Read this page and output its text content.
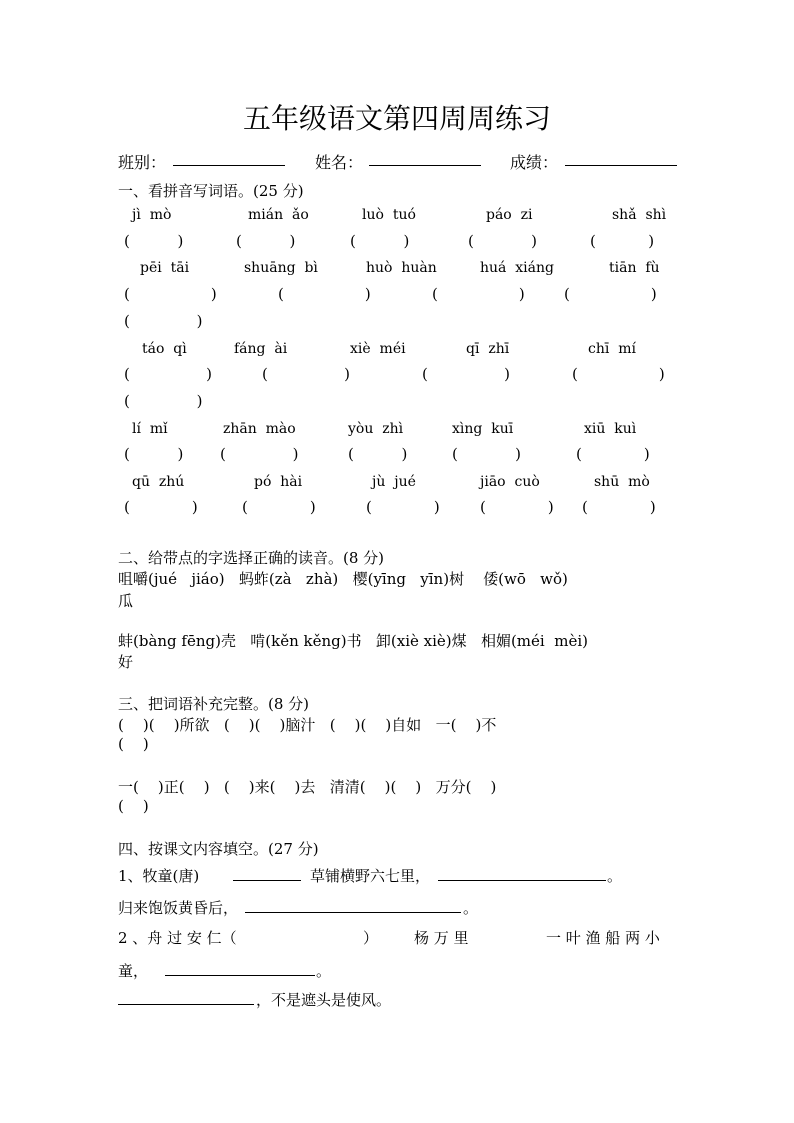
五年级语文第四周周练习
班别：	姓名：	成绩：
一、看拼音写词语。(25 分)
jì  mò	mián  ǎo	luò  tuó	páo  zi	shǎ  shì
(          )	(          )	(          )	(            )	(           )
pēi  tāi	shuāng  bì	huò  huàn	huá  xiáng	tiān  fù
(                 )	(                 )	(                 )	(                 )
(              )
táo  qì	fáng  ài	xiè  méi	qī  zhī	chī  mí
(                )	(                )	(                )	(                 )
(              )
lí  mǐ	zhān  mào	yòu  zhì	xìng  kuī	xiū  kuì
(          ) (              )	(          )	(            )	(             )
qū  zhú	pó  hài	jù  jué	jiāo  cuò	shū  mò
(             )	(             )	(             )	(             ) (             )
二、给带点的字选择正确的读音。(8 分)
咀嚼(jué   jiáo)   蚂蚱(zà   zhà)   樱(yīng   yīn)树    倭(wō   wǒ)
瓜
蚌(bàng fēng)壳   啃(kěn kěng)书   卸(xiè xiè)煤   相媚(méi  mèi)
好
三、把词语补充完整。(8 分)
(    )(    )所欲   (    )(    )脑汁   (    )(    )自如   一(    )不
(    )
一(    )正(    )   (    )来(    )去   清清(    )(    )   万分(    )
(    )
四、按课文内容填空。(27 分)
1、牧童(唐)	草铺横野六七里，	。
归来饱饭黄昏后，	。
2 、舟 过 安 仁（	） 杨 万 里	一 叶 渔 船 两 小
童，	。
，不是遮头是使风。
